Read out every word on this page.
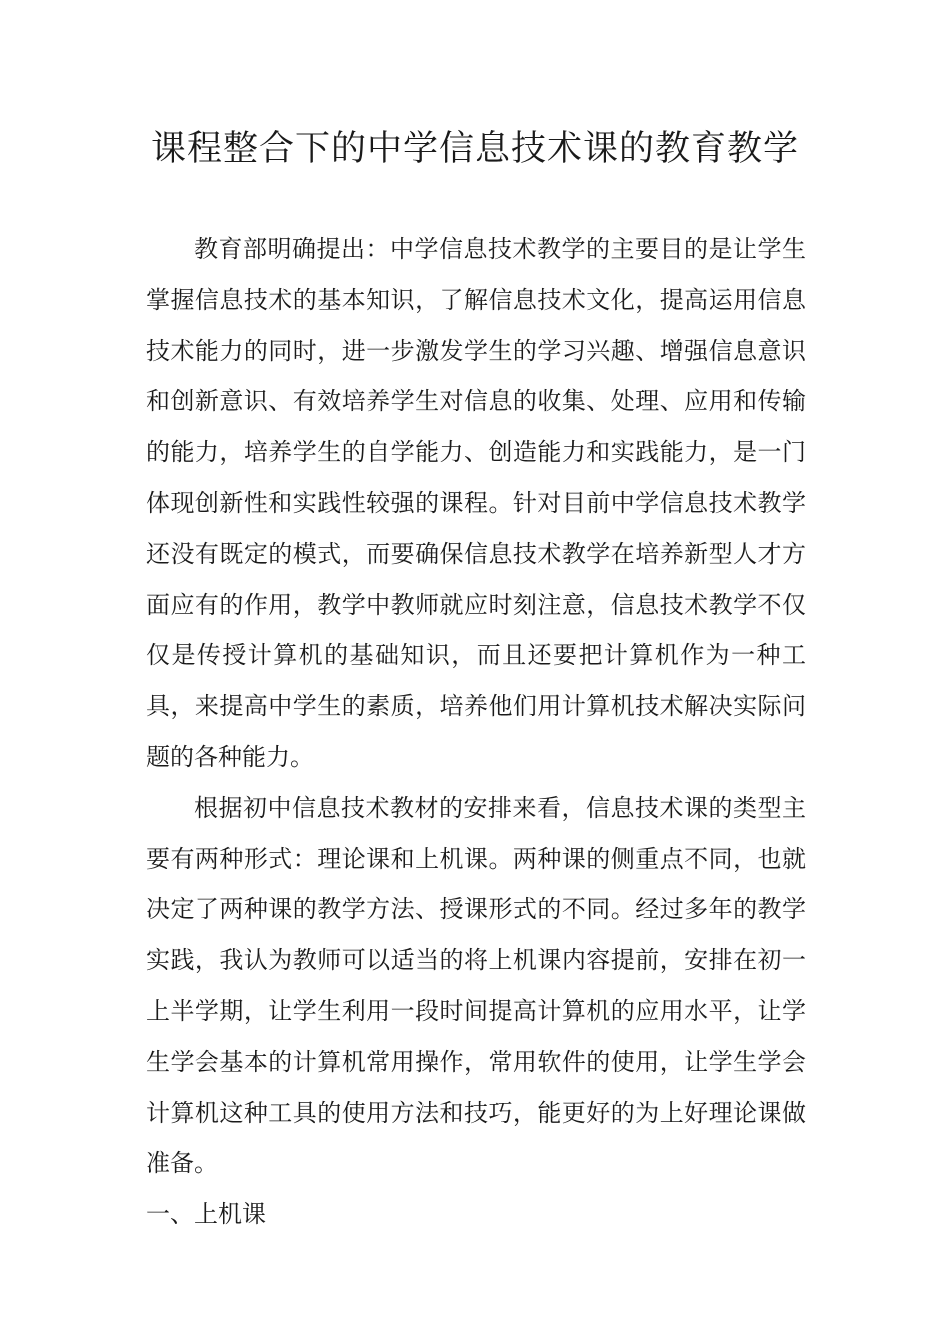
课程整合下的中学信息技术课的教育教学

教育部明确提出：中学信息技术教学的主要目的是让学生掌握信息技术的基本知识，了解信息技术文化，提高运用信息技术能力的同时，进一步激发学生的学习兴趣、增强信息意识和创新意识、有效培养学生对信息的收集、处理、应用和传输的能力，培养学生的自学能力、创造能力和实践能力，是一门体现创新性和实践性较强的课程。针对目前中学信息技术教学还没有既定的模式，而要确保信息技术教学在培养新型人才方面应有的作用，教学中教师就应时刻注意，信息技术教学不仅仅是传授计算机的基础知识，而且还要把计算机作为一种工具，来提高中学生的素质，培养他们用计算机技术解决实际问题的各种能力。

根据初中信息技术教材的安排来看，信息技术课的类型主要有两种形式：理论课和上机课。两种课的侧重点不同，也就决定了两种课的教学方法、授课形式的不同。经过多年的教学实践，我认为教师可以适当的将上机课内容提前，安排在初一上半学期，让学生利用一段时间提高计算机的应用水平，让学生学会基本的计算机常用操作，常用软件的使用，让学生学会计算机这种工具的使用方法和技巧，能更好的为上好理论课做准备。

一、上机课
